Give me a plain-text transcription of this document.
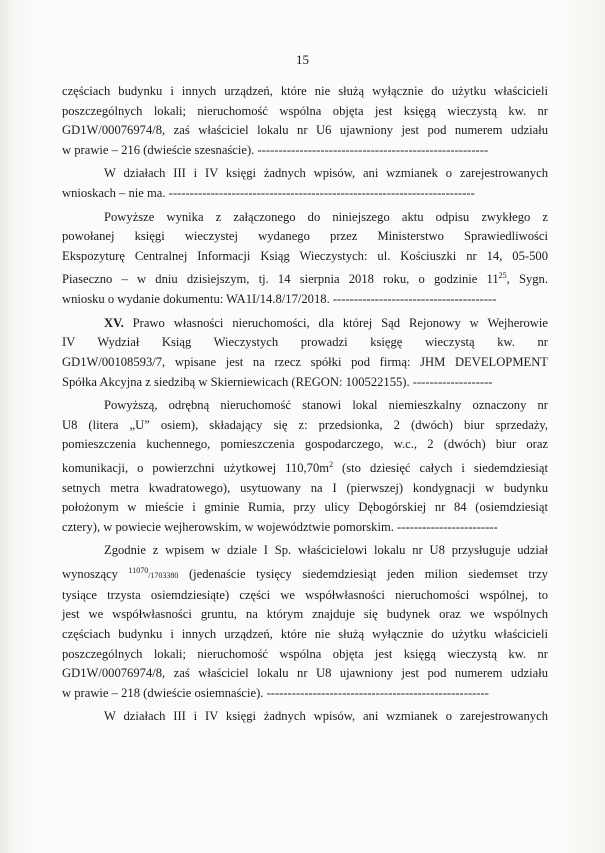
15
częściach budynku i innych urządzeń, które nie służą wyłącznie do użytku właścicieli
poszczególnych lokali; nieruchomość wspólna objęta jest księgą wieczystą kw. nr
GD1W/00076974/8, zaś właściciel lokalu nr U6 ujawniony jest pod numerem udziału
w prawie – 216 (dwieście szesnaście). -------------------------------------------------------
W działach III i IV księgi żadnych wpisów, ani wzmianek o zarejestrowanych
wnioskach – nie ma. -------------------------------------------------------------------------
Powyższe wynika z załączonego do niniejszego aktu odpisu zwykłego z
powołanej księgi wieczystej wydanego przez Ministerstwo Sprawiedliwości
Ekspozyturę Centralnej Informacji Ksiąg Wieczystych: ul. Kościuszki nr 14, 05-500
Piaseczno – w dniu dzisiejszym, tj. 14 sierpnia 2018 roku, o godzinie $11^{25}$, Sygn.
wniosku o wydanie dokumentu: WA1I/14.8/17/2018. ---------------------------------------
XV. Prawo własności nieruchomości, dla której Sąd Rejonowy w Wejherowie
IV Wydział Ksiąg Wieczystych prowadzi księgę wieczystą kw. nr
GD1W/00108593/7, wpisane jest na rzecz spółki pod firmą: JHM DEVELOPMENT
Spółka Akcyjna z siedzibą w Skierniewicach (REGON: 100522155). -------------------
Powyższą, odrębną nieruchomość stanowi lokal niemieszkalny oznaczony nr
U8 (litera „U” osiem), składający się z: przedsionka, 2 (dwóch) biur sprzedaży,
pomieszczenia kuchennego, pomieszczenia gospodarczego, w.c., 2 (dwóch) biur oraz
komunikacji, o powierzchni użytkowej $110,70m^2$ (sto dziesięć całych i siedemdziesiąt
setnych metra kwadratowego), usytuowany na I (pierwszej) kondygnacji w budynku
położonym w mieście i gminie Rumia, przy ulicy Dębogórskiej nr 84 (osiemdziesiąt
cztery), w powiecie wejherowskim, w województwie pomorskim. ------------------------
Zgodnie z wpisem w dziale I Sp. właścicielowi lokalu nr U8 przysługuje udział
wynoszący $^{11070}$/1703380 (jedenaście tysięcy siedemdziesiąt jeden milion siedemset trzy
tysiące trzysta osiemdziesiąte) części we współwłasności nieruchomości wspólnej, to
jest we współwłasności gruntu, na którym znajduje się budynek oraz we wspólnych
częściach budynku i innych urządzeń, które nie służą wyłącznie do użytku właścicieli
poszczególnych lokali; nieruchomość wspólna objęta jest księgą wieczystą kw. nr
GD1W/00076974/8, zaś właściciel lokalu nr U8 ujawniony jest pod numerem udziału
w prawie – 218 (dwieście osiemnaście). -----------------------------------------------------
W działach III i IV księgi żadnych wpisów, ani wzmianek o zarejestrowanych
